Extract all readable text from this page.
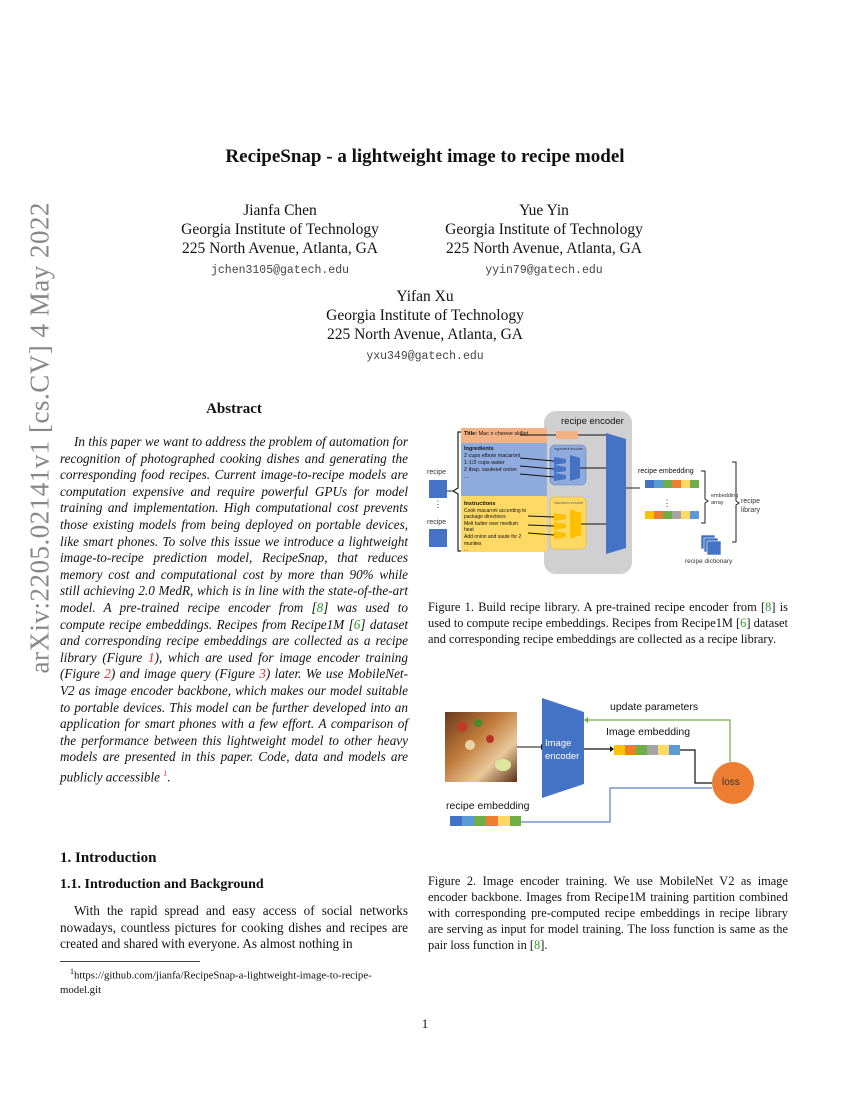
arXiv:2205.02141v1 [cs.CV] 4 May 2022
RecipeSnap - a lightweight image to recipe model
Jianfa Chen
Georgia Institute of Technology
225 North Avenue, Atlanta, GA
jchen3105@gatech.edu
Yue Yin
Georgia Institute of Technology
225 North Avenue, Atlanta, GA
yyin79@gatech.edu
Yifan Xu
Georgia Institute of Technology
225 North Avenue, Atlanta, GA
yxu349@gatech.edu
Abstract
In this paper we want to address the problem of automation for recognition of photographed cooking dishes and generating the corresponding food recipes. Current image-to-recipe models are computation expensive and require powerful GPUs for model training and implementation. High computational cost prevents those existing models from being deployed on portable devices, like smart phones. To solve this issue we introduce a lightweight image-to-recipe prediction model, RecipeSnap, that reduces memory cost and computational cost by more than 90% while still achieving 2.0 MedR, which is in line with the state-of-the-art model. A pre-trained recipe encoder from [8] was used to compute recipe embeddings. Recipes from Recipe1M [6] dataset and corresponding recipe embeddings are collected as a recipe library (Figure 1), which are used for image encoder training (Figure 2) and image query (Figure 3) later. We use MobileNet-V2 as image encoder backbone, which makes our model suitable to portable devices. This model can be further developed into an application for smart phones with a few effort. A comparison of the performance between this lightweight model to other heavy models are presented in this paper. Code, data and models are publicly accessible $^1$.
1. Introduction
1.1. Introduction and Background
With the rapid spread and easy access of social networks nowadays, countless pictures for cooking dishes and recipes are created and shared with everyone. As almost nothing in
$^1$https://github.com/jianfa/RecipeSnap-a-lightweight-image-to-recipe-model.git
⋮	⋮
recipe encoder
recipe
recipe
Title: Mac n cheese skillet
Ingredients
2 cups elbow macaroni
1-1/2 cups water
2 tbsp. sauteed onion
...
Instructions
Cook macaroni according to package directions
Melt butter over medium heat
Add onion and saute for 2 munites
...
ingredient encoder
instruction encoder
recipe embedding
embedding array	recipe library
recipe dictionary
Figure 1. Build recipe library. A pre-trained recipe encoder from [8] is used to compute recipe embeddings. Recipes from Recipe1M [6] dataset and corresponding recipe embeddings are collected as a recipe library.
update parameters
Image embedding
Image
encoder
loss
recipe embedding
Figure 2. Image encoder training. We use MobileNet V2 as image encoder backbone. Images from Recipe1M training partition combined with corresponding pre-computed recipe embeddings in recipe library are serving as input for model training. The loss function is same as the pair loss function in [8].
1
